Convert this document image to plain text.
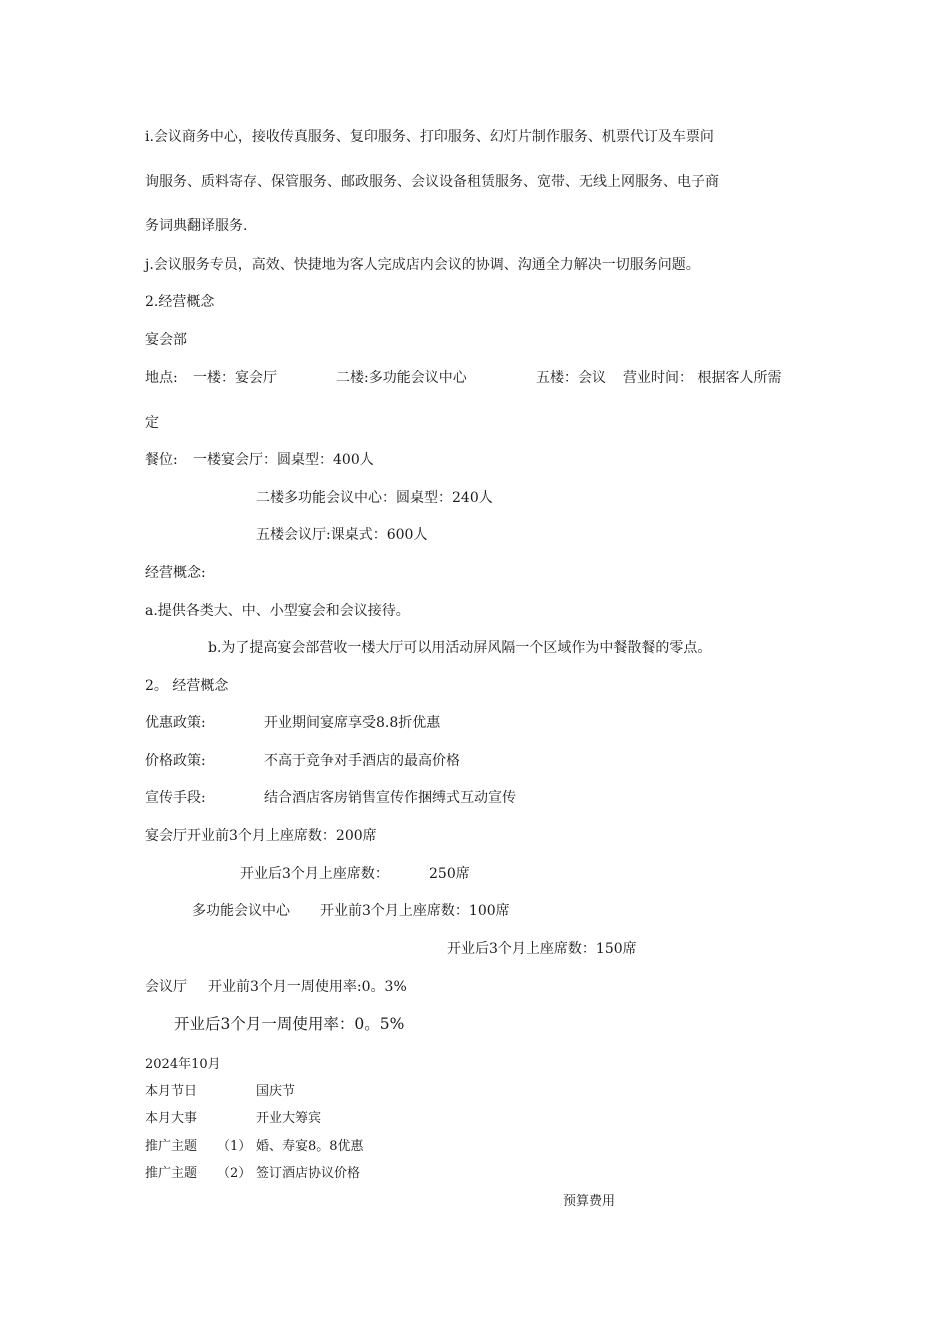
i.会议商务中心，接收传真服务、复印服务、打印服务、幻灯片制作服务、机票代订及车票问
询服务、质料寄存、保管服务、邮政服务、会议设备租赁服务、宽带、无线上网服务、电子商
务词典翻译服务.
j.会议服务专员，高效、快捷地为客人完成店内会议的协调、沟通全力解决一切服务问题。
2.经营概念
宴会部
地点: 一楼：宴会厅	二楼:多功能会议中心	五楼：会议 营业时间： 根据客人所需
定
餐位: 一楼宴会厅：圆桌型：400人
二楼多功能会议中心：圆桌型：240人
五楼会议厅:课桌式：600人
经营概念:
a.提供各类大、中、小型宴会和会议接待。
b.为了提高宴会部营收一楼大厅可以用活动屏风隔一个区域作为中餐散餐的零点。
2。 经营概念
优惠政策:	开业期间宴席享受8.8折优惠
价格政策:	不高于竞争对手酒店的最高价格
宣传手段:	结合酒店客房销售宣传作捆缚式互动宣传
宴会厅开业前3个月上座席数：200席
开业后3个月上座席数：	250席
多功能会议中心 开业前3个月上座席数：100席
开业后3个月上座席数：150席
会议厅 开业前3个月一周使用率:0。3%
开业后3个月一周使用率：0。5%
2024年10月
本月节日	国庆节
本月大事	开业大筹宾
推广主题 （1） 婚、寿宴8。8优惠
推广主题 （2） 签订酒店协议价格
预算费用
